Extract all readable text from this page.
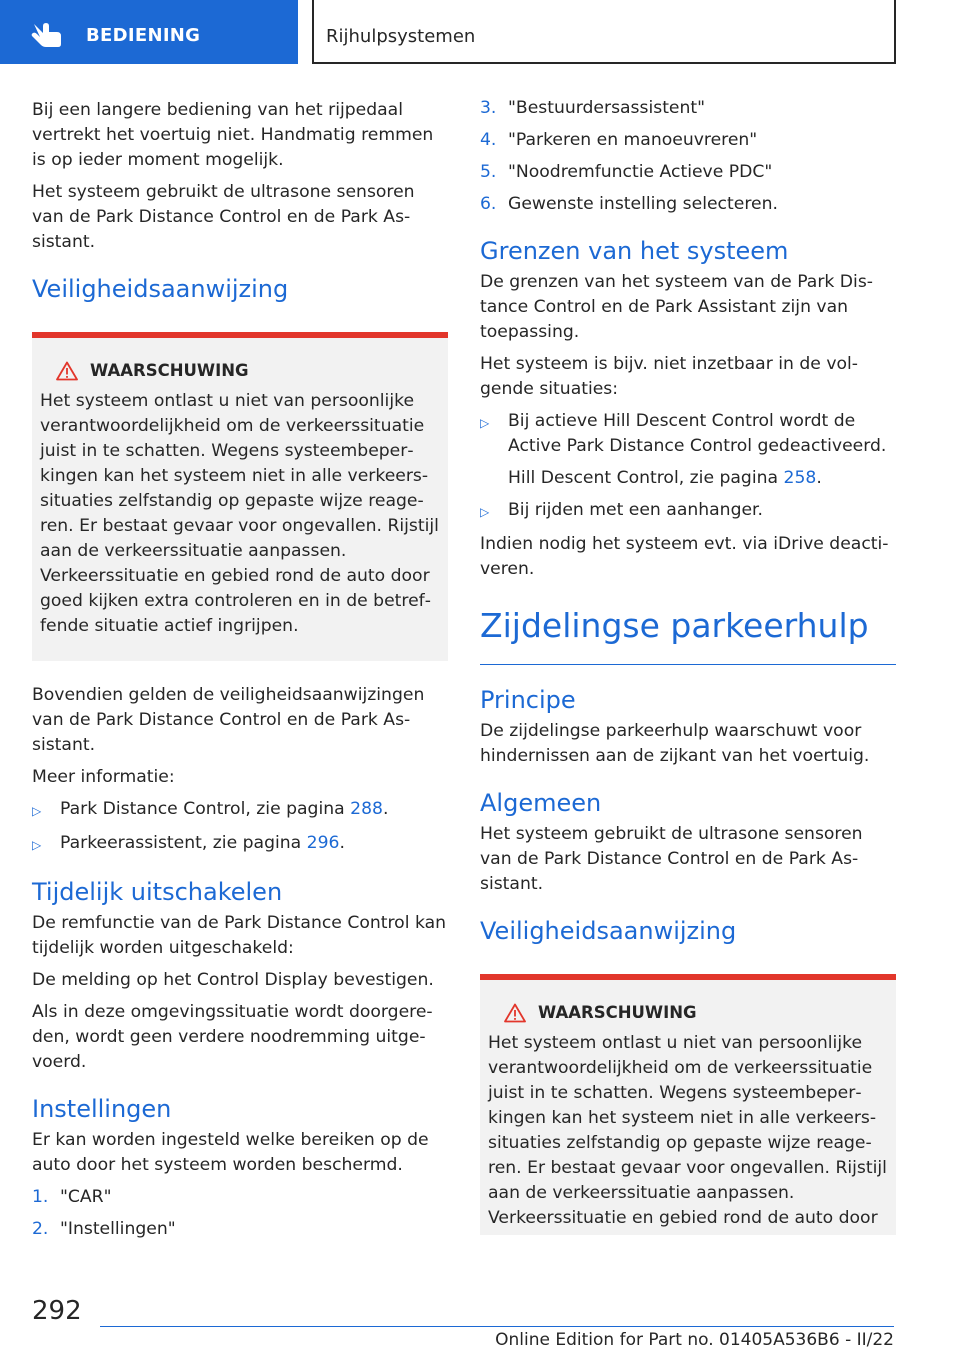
BEDIENING	Rijhulpsystemen

Bij een langere bediening van het rijpedaal vertrekt het voertuig niet. Handmatig remmen is op ieder moment mogelijk.

Het systeem gebruikt de ultrasone sensoren van de Park Distance Control en de Park As‐ sistant.

Veiligheidsaanwijzing
WAARSCHUWING

Het systeem ontlast u niet van persoonlijke verantwoordelijkheid om de verkeerssituatie juist in te schatten. Wegens systeembeper‐ kingen kan het systeem niet in alle verkeers‐ situaties zelfstandig op gepaste wijze reage‐ ren. Er bestaat gevaar voor ongevallen. Rijstijl aan de verkeerssituatie aanpassen. Verkeerssituatie en gebied rond de auto door goed kijken extra controleren en in de betref‐ fende situatie actief ingrijpen.

Bovendien gelden de veiligheidsaanwijzingen van de Park Distance Control en de Park As‐ sistant.

Meer informatie:

▷	Park Distance Control, zie pagina 288.
▷	Parkeerassistent, zie pagina 296.
Tijdelijk uitschakelen

De remfunctie van de Park Distance Control kan tijdelijk worden uitgeschakeld:

De melding op het Control Display bevestigen.

Als in deze omgevingssituatie wordt doorgere‐ den, wordt geen verdere noodremming uitge‐ voerd.

Instellingen

Er kan worden ingesteld welke bereiken op de auto door het systeem worden beschermd.

1. "CAR"
2. "Instellingen"
3. "Bestuurdersassistent"
4. "Parkeren en manoeuvreren"
5. "Noodremfunctie Actieve PDC"
6. Gewenste instelling selecteren.
Grenzen van het systeem

De grenzen van het systeem van de Park Dis‐ tance Control en de Park Assistant zijn van toepassing.

Het systeem is bijv. niet inzetbaar in de vol‐ gende situaties:

▷	Bij actieve Hill Descent Control wordt de Active Park Distance Control gedeactiveerd.

Hill Descent Control, zie pagina 258.

▷	Bij rijden met een aanhanger.

Indien nodig het systeem evt. via iDrive deacti‐ veren.

Zijdelingse parkeerhulp
Principe

De zijdelingse parkeerhulp waarschuwt voor hindernissen aan de zijkant van het voertuig.

Algemeen

Het systeem gebruikt de ultrasone sensoren van de Park Distance Control en de Park As‐ sistant.

Veiligheidsaanwijzing
WAARSCHUWING

Het systeem ontlast u niet van persoonlijke verantwoordelijkheid om de verkeerssituatie juist in te schatten. Wegens systeembeper‐ kingen kan het systeem niet in alle verkeers‐ situaties zelfstandig op gepaste wijze reage‐ ren. Er bestaat gevaar voor ongevallen. Rijstijl aan de verkeerssituatie aanpassen. Verkeerssituatie en gebied rond de auto door

292
Online Edition for Part no. 01405A536B6 - II/22
